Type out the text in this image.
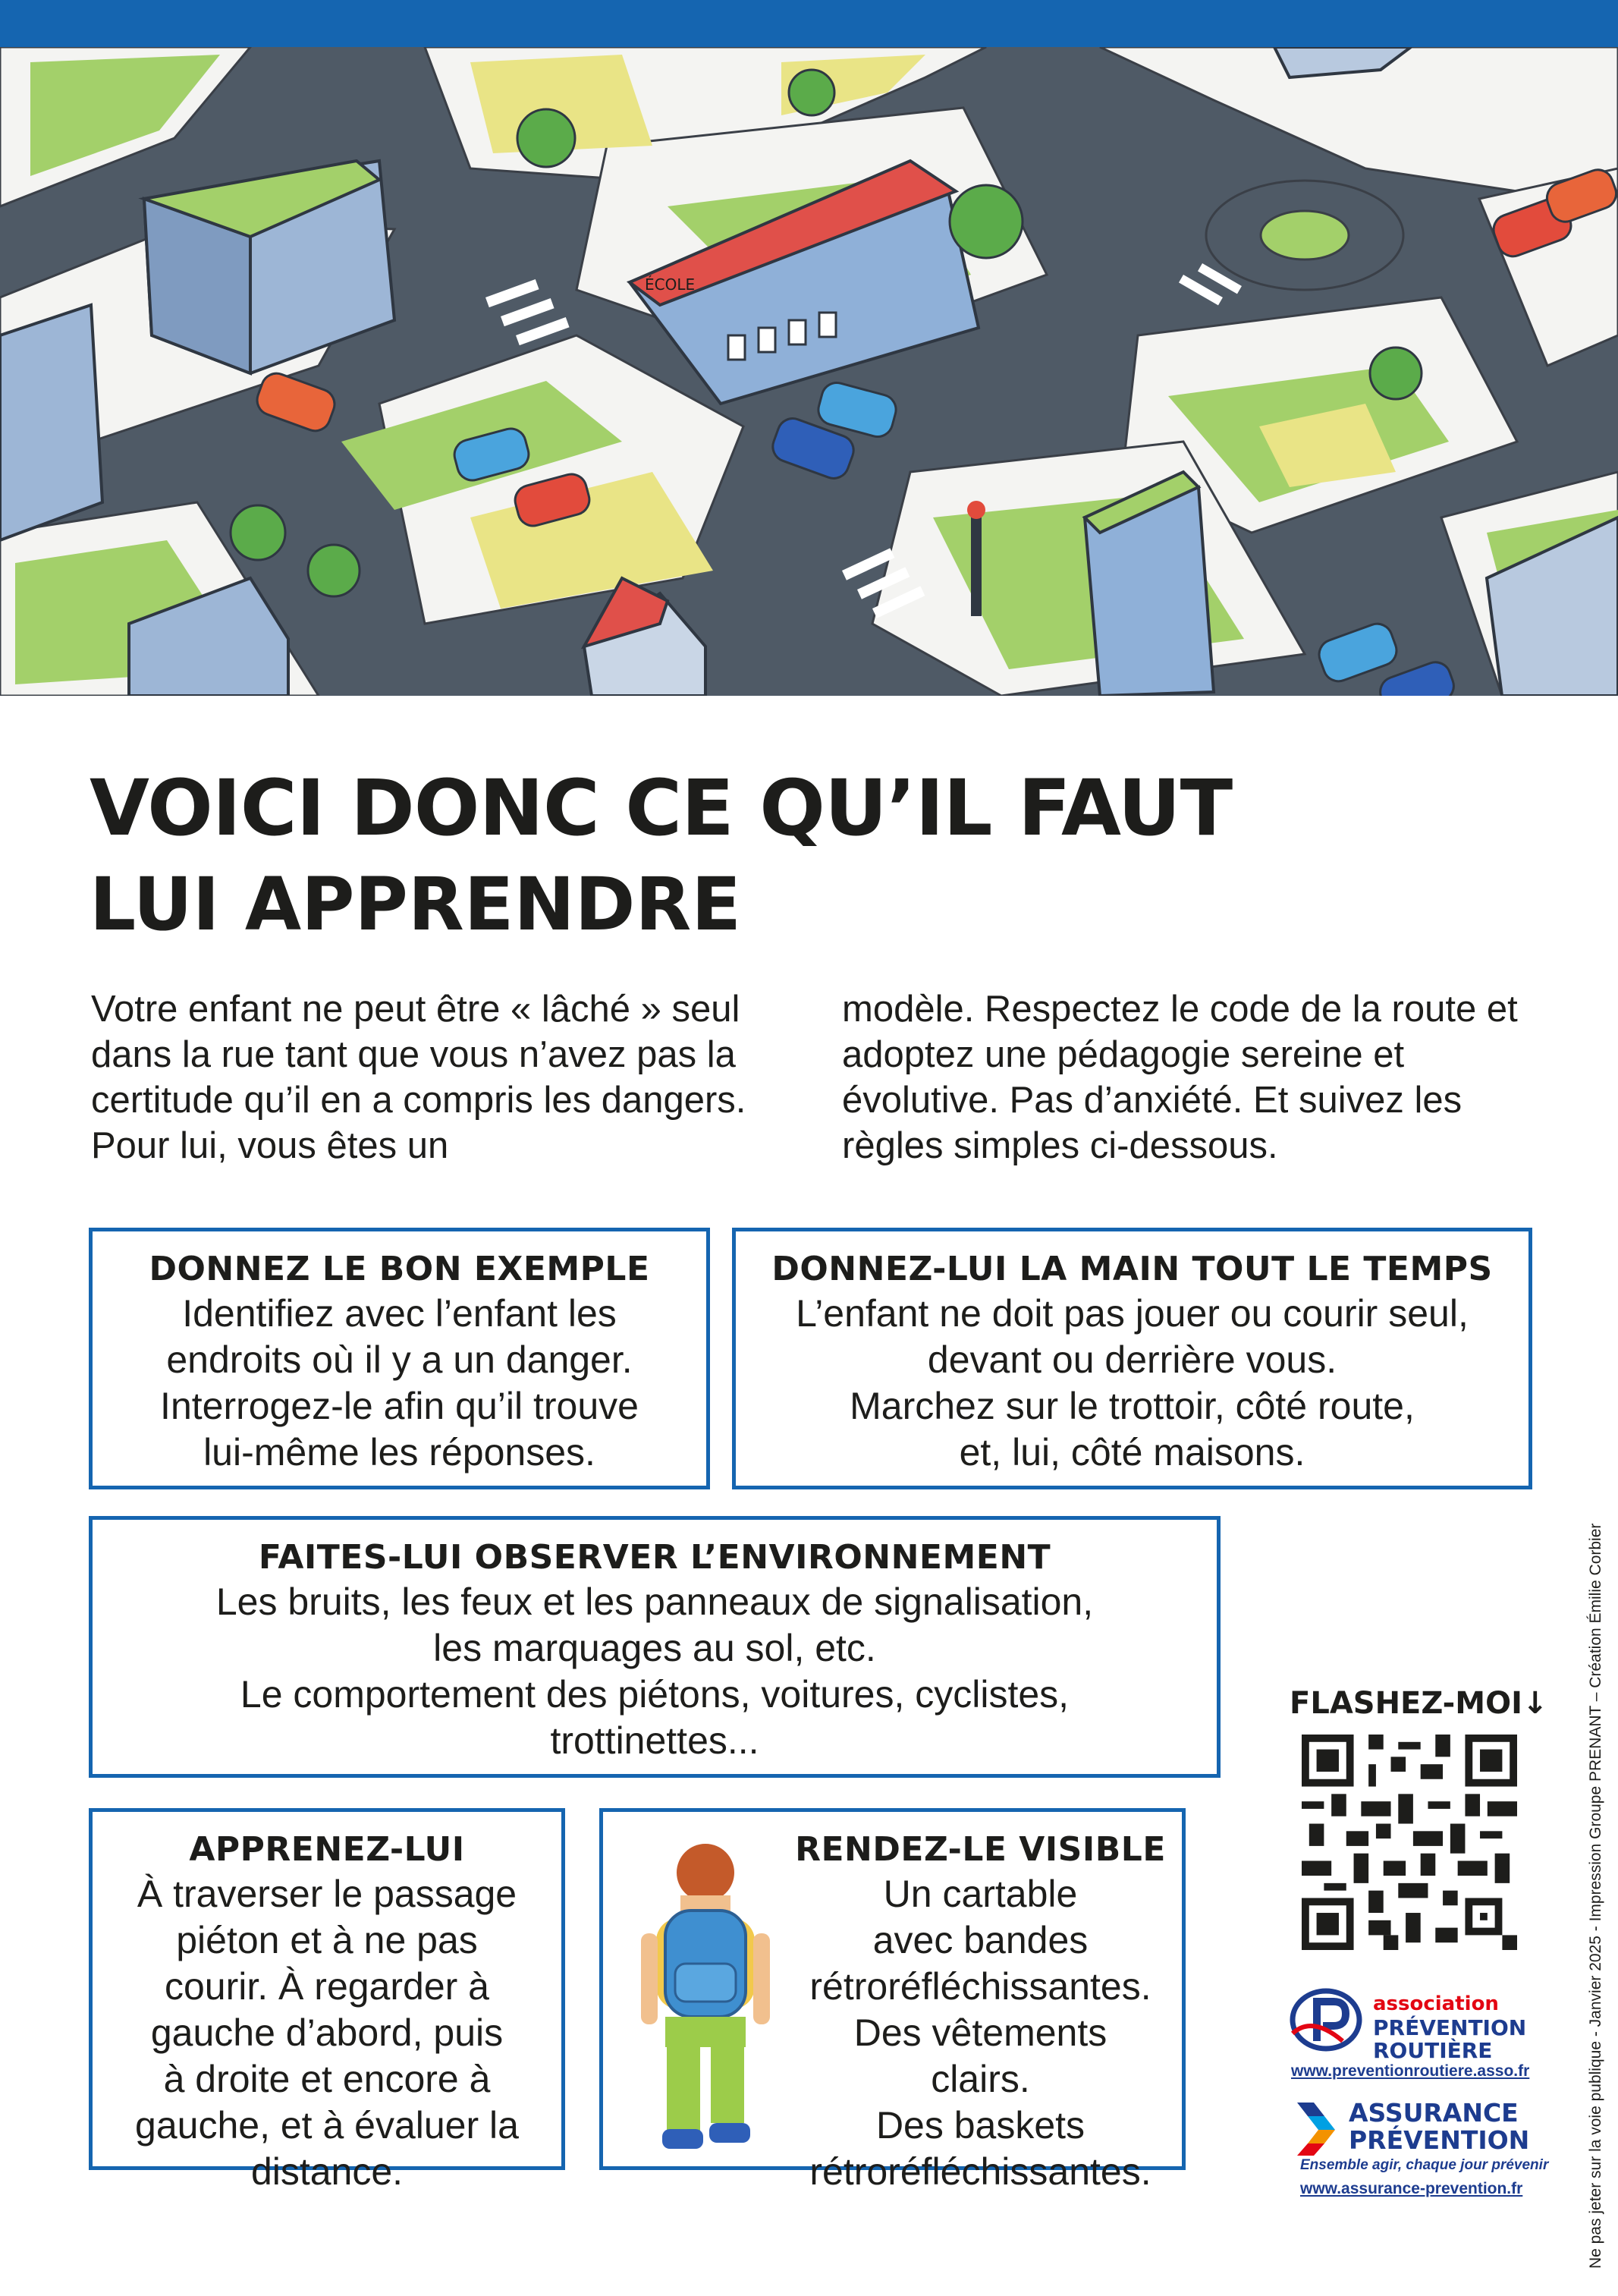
ÉCOLE
VOICI DONC CE QU’IL FAUT
LUI APPRENDRE

Votre enfant ne peut être « lâché » seul dans la rue tant que vous n’avez pas la certitude qu’il en a compris les dangers. Pour lui, vous êtes un

modèle. Respectez le code de la route et adoptez une pédagogie sereine et évolutive. Pas d’anxiété. Et suivez les règles simples ci-dessous.

DONNEZ LE BON EXEMPLE

Identifiez avec l’enfant les

endroits où il y a un danger.

Interrogez-le afin qu’il trouve

lui-même les réponses.

DONNEZ-LUI LA MAIN TOUT LE TEMPS

L’enfant ne doit pas jouer ou courir seul,

devant ou derrière vous.

Marchez sur le trottoir, côté route,

et, lui, côté maisons.

FAITES-LUI OBSERVER L’ENVIRONNEMENT

Les bruits, les feux et les panneaux de signalisation,

les marquages au sol, etc.

Le comportement des piétons, voitures, cyclistes,

trottinettes...

APPRENEZ-LUI

À traverser le passage

piéton et à ne pas

courir. À regarder à

gauche d’abord, puis

à droite et encore à

gauche, et à évaluer la

distance.

RENDEZ-LE VISIBLE

Un cartable

avec bandes

rétroréfléchissantes.

Des vêtements

clairs.

Des baskets

rétroréfléchissantes.

FLASHEZ-MOI↓
association
PRÉVENTION
ROUTIÈRE
www.preventionroutiere.asso.fr
ASSURANCE
PRÉVENTION
Ensemble agir, chaque jour prévenir
www.assurance-prevention.fr	Ne pas jeter sur la voie publique - Janvier 2025 - Impression Groupe PRENANT – Création Émilie Corbier
